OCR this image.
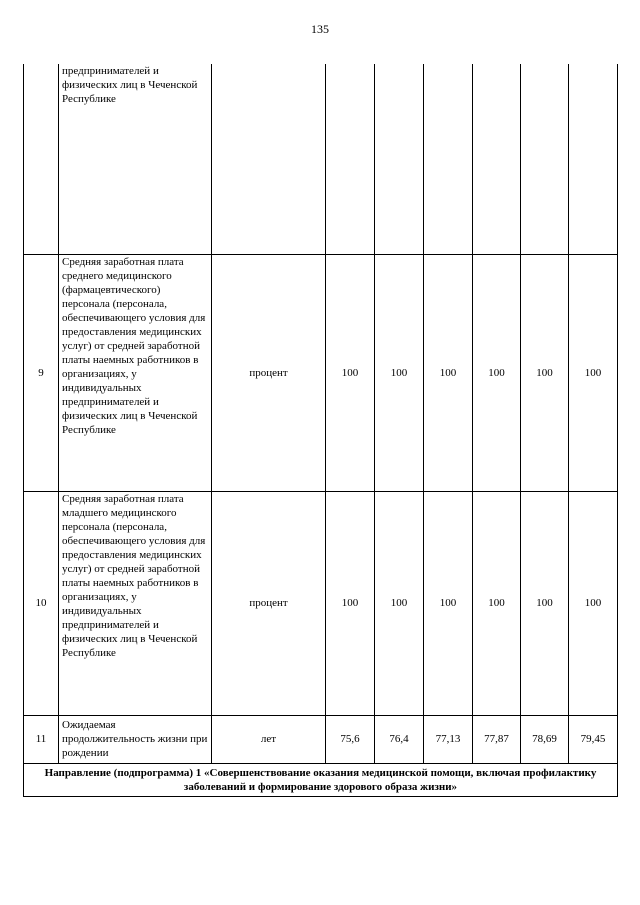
135
	предпринимателей и физических лиц в Чеченской Республике							
9	Средняя заработная плата среднего медицинского (фармацевтического) персонала (персонала, обеспечивающего условия для предоставления медицинских услуг) от средней заработной платы наемных работников в организациях, у индивидуальных предпринимателей и физических лиц в Чеченской Республике	процент	100	100	100	100	100	100
10	Средняя заработная плата младшего медицинского персонала (персонала, обеспечивающего условия для предоставления медицинских услуг) от средней заработной платы наемных работников в организациях, у индивидуальных предпринимателей и физических лиц в Чеченской Республике	процент	100	100	100	100	100	100
11	Ожидаемая продолжительность жизни при рождении	лет	75,6	76,4	77,13	77,87	78,69	79,45
Направление (подпрограмма) 1 «Совершенствование оказания медицинской помощи, включая профилактику заболеваний и формирование здорового образа жизни»								
